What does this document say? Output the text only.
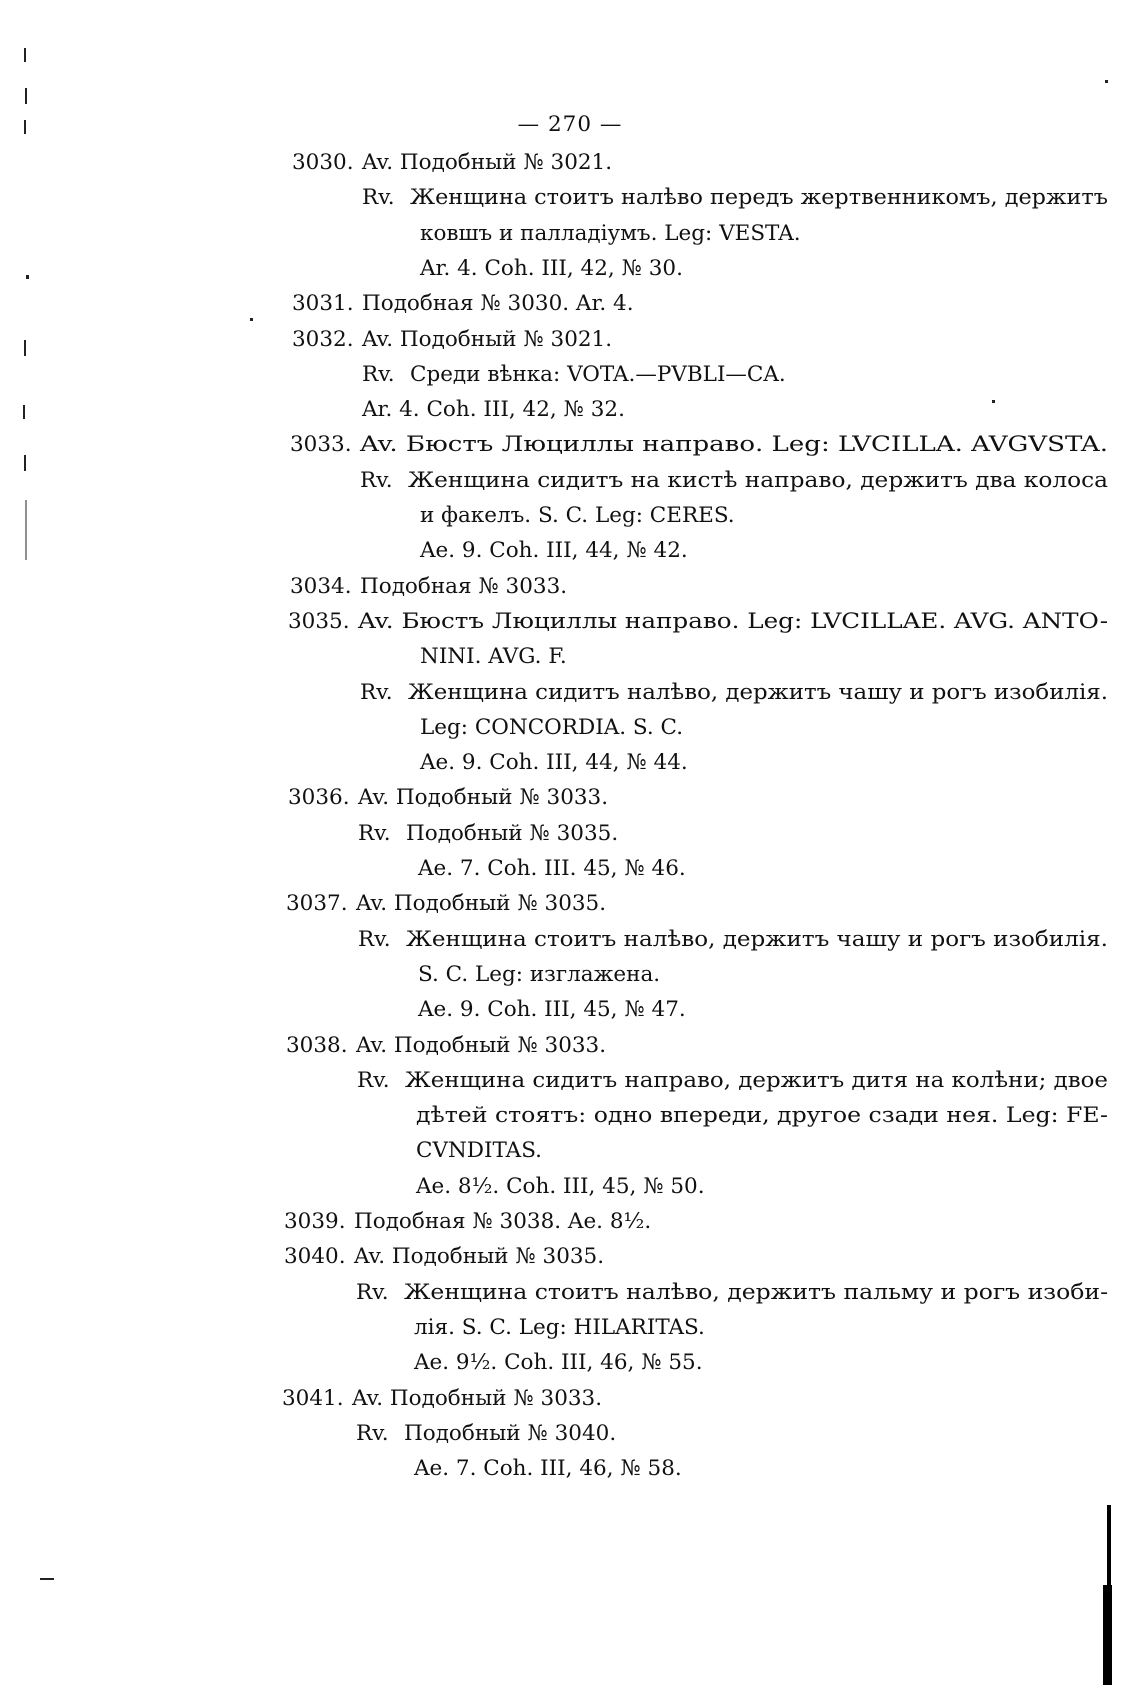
— 270 —
3030. Av. Подобный № 3021.
Rv. Женщина стоитъ налѣво передъ жертвенникомъ, держитъ
ковшъ и палладіумъ. Leg: VESTA.
Ar. 4. Coh. III, 42, № 30.
3031. Подобная № 3030. Ar. 4.
3032. Av. Подобный № 3021.
Rv. Среди вѣнка: VOTA.—PVBLI—CA.
Ar. 4. Coh. III, 42, № 32.
3033. Av. Бюстъ Люциллы направо. Leg: LVCILLA. AVGVSTA.
Rv. Женщина сидитъ на кистѣ направо, держитъ два колоса
и факелъ. S. C. Leg: CERES.
Ae. 9. Coh. III, 44, № 42.
3034. Подобная № 3033.
3035. Av. Бюстъ Люциллы направо. Leg: LVCILLAE. AVG. ANTO-
NINI. AVG. F.
Rv. Женщина сидитъ налѣво, держитъ чашу и рогъ изобилія.
Leg: CONCORDIA. S. C.
Ae. 9. Coh. III, 44, № 44.
3036. Av. Подобный № 3033.
Rv. Подобный № 3035.
Ae. 7. Coh. III. 45, № 46.
3037. Av. Подобный № 3035.
Rv. Женщина стоитъ налѣво, держитъ чашу и рогъ изобилія.
S. C. Leg: изглажена.
Ae. 9. Coh. III, 45, № 47.
3038. Av. Подобный № 3033.
Rv. Женщина сидитъ направо, держитъ дитя на колѣни; двое
дѣтей стоятъ: одно впереди, другое сзади нея. Leg: FE-
CVNDITAS.
Ae. 8½. Coh. III, 45, № 50.
3039. Подобная № 3038. Ae. 8½.
3040. Av. Подобный № 3035.
Rv. Женщина стоитъ налѣво, держитъ пальму и рогъ изоби-
лія. S. C. Leg: HILARITAS.
Ae. 9½. Coh. III, 46, № 55.
3041. Av. Подобный № 3033.
Rv. Подобный № 3040.
Ae. 7. Coh. III, 46, № 58.
